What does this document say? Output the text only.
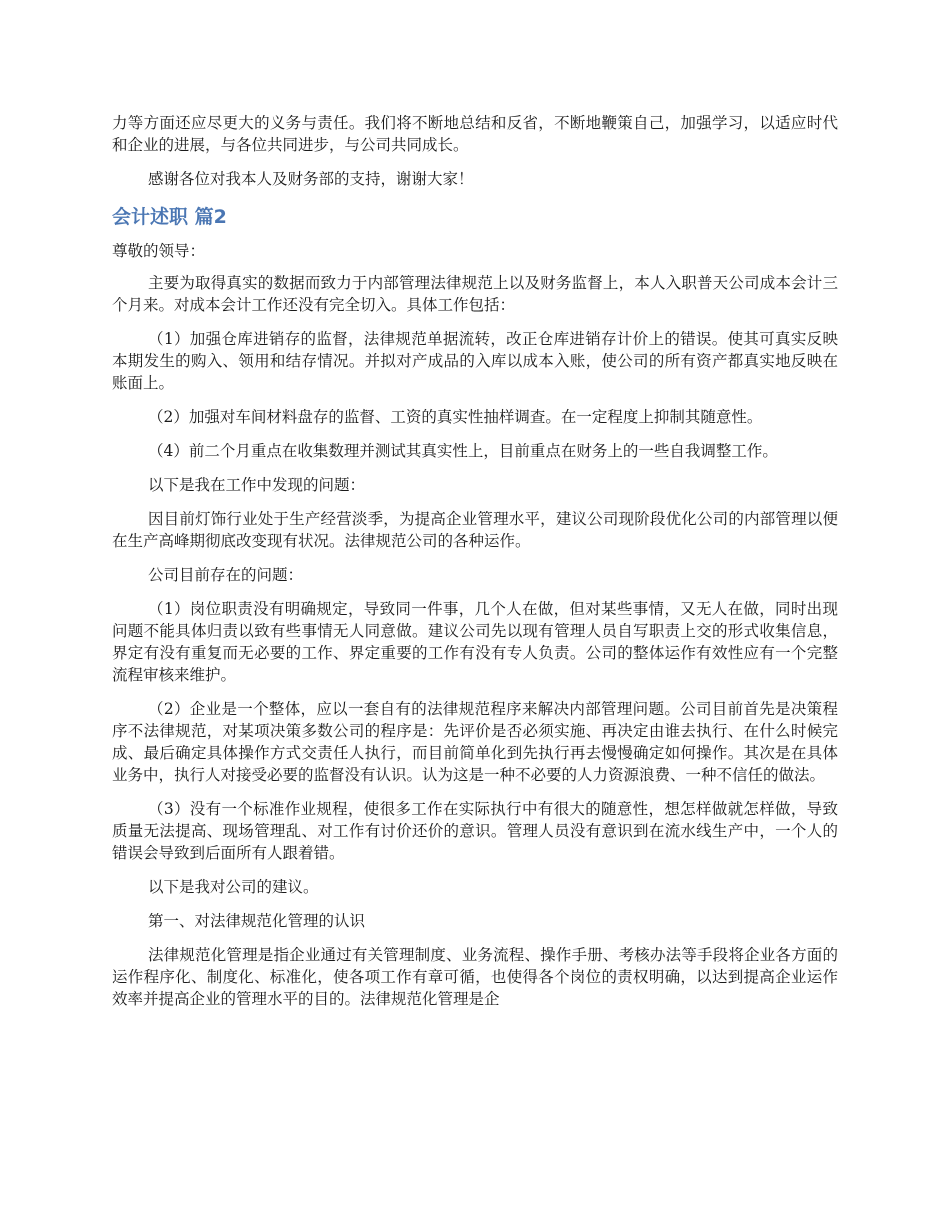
力等方面还应尽更大的义务与责任。我们将不断地总结和反省，不断地鞭策自己，加强学习，以适应时代和企业的进展，与各位共同进步，与公司共同成长。

感谢各位对我本人及财务部的支持，谢谢大家！

会计述职 篇2

尊敬的领导：

主要为取得真实的数据而致力于内部管理法律规范上以及财务监督上，本人入职普天公司成本会计三个月来。对成本会计工作还没有完全切入。具体工作包括：

（1）加强仓库进销存的监督，法律规范单据流转，改正仓库进销存计价上的错误。使其可真实反映本期发生的购入、领用和结存情况。并拟对产成品的入库以成本入账，使公司的所有资产都真实地反映在账面上。

（2）加强对车间材料盘存的监督、工资的真实性抽样调查。在一定程度上抑制其随意性。

（4）前二个月重点在收集数理并测试其真实性上，目前重点在财务上的一些自我调整工作。

以下是我在工作中发现的问题：

因目前灯饰行业处于生产经营淡季，为提高企业管理水平，建议公司现阶段优化公司的内部管理以便在生产高峰期彻底改变现有状况。法律规范公司的各种运作。

公司目前存在的问题：

（1）岗位职责没有明确规定，导致同一件事，几个人在做，但对某些事情，又无人在做，同时出现问题不能具体归责以致有些事情无人同意做。建议公司先以现有管理人员自写职责上交的形式收集信息，界定有没有重复而无必要的工作、界定重要的工作有没有专人负责。公司的整体运作有效性应有一个完整流程审核来维护。

（2）企业是一个整体，应以一套自有的法律规范程序来解决内部管理问题。公司目前首先是决策程序不法律规范，对某项决策多数公司的程序是：先评价是否必须实施、再决定由谁去执行、在什么时候完成、最后确定具体操作方式交责任人执行，而目前简单化到先执行再去慢慢确定如何操作。其次是在具体业务中，执行人对接受必要的监督没有认识。认为这是一种不必要的人力资源浪费、一种不信任的做法。

（3）没有一个标准作业规程，使很多工作在实际执行中有很大的随意性，想怎样做就怎样做，导致质量无法提高、现场管理乱、对工作有讨价还价的意识。管理人员没有意识到在流水线生产中，一个人的错误会导致到后面所有人跟着错。

以下是我对公司的建议。

第一、对法律规范化管理的认识

法律规范化管理是指企业通过有关管理制度、业务流程、操作手册、考核办法等手段将企业各方面的运作程序化、制度化、标准化，使各项工作有章可循，也使得各个岗位的责权明确，以达到提高企业运作效率并提高企业的管理水平的目的。法律规范化管理是企
